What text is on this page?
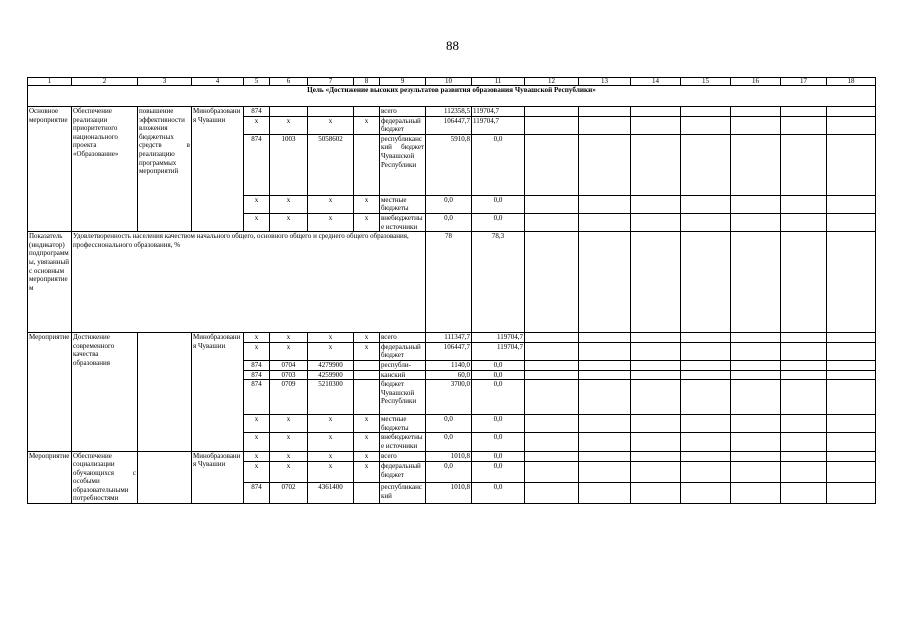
88
1	2	3	4	5	6	7	8	9	10	11	12	13	14	15	16	17	18
Цель «Достижение высоких результатов развития образования Чувашской Республики»																	
Основное мероприятие	Обеспечение реализации приоритетного национального проекта «Образование»	повышение эффективности вложения бюджетных средств в реализацию программых мероприятий	Минобразования Чувашии	874				всего	112358,5	119704,7							
				x	x	x	x	федеральный бюджет	106447,7	119704,7							
				874	1003	5058602		республиканский бюджет Чувашской Республики	5910,8	0,0							
				x	x	x	x	местные бюджеты	0,0	0,0							
				x	x	x	x	внебюджетные источники	0,0	0,0							
Показатель (индикатор) подпрограммы, увязанный с основным мероприятием	Удовлетворенность населения качеством начального общего, основного общего и среднего общего образования, профессионального образования, %								78	78,3							
Мероприятие	Достижение современного качества образования		Минобразования Чувашии	x	x	x	x	всего	111347,7	119704,7							
				x	x	x	x	федеральный бюджет	106447,7	119704,7							
				874	0704	4279900		республи-	1140,0	0,0							
				874	0703	4259900		канский	60,0	0,0							
				874	0709	5210300		бюджет Чувашской Республики	3700,0	0,0							
				x	x	x	x	местные бюджеты	0,0	0,0							
				x	x	x	x	внебюджетные источники	0,0	0,0							
Мероприятие	Обеспечение социализации обучающихся с особыми образовательными потребностями		Минобразования Чувашии	x	x	x	x	всего	1010,8	0,0							
				x	x	x	x	федеральный бюджет	0,0	0,0							
				874	0702	4361400		республиканский	1010,8	0,0							
